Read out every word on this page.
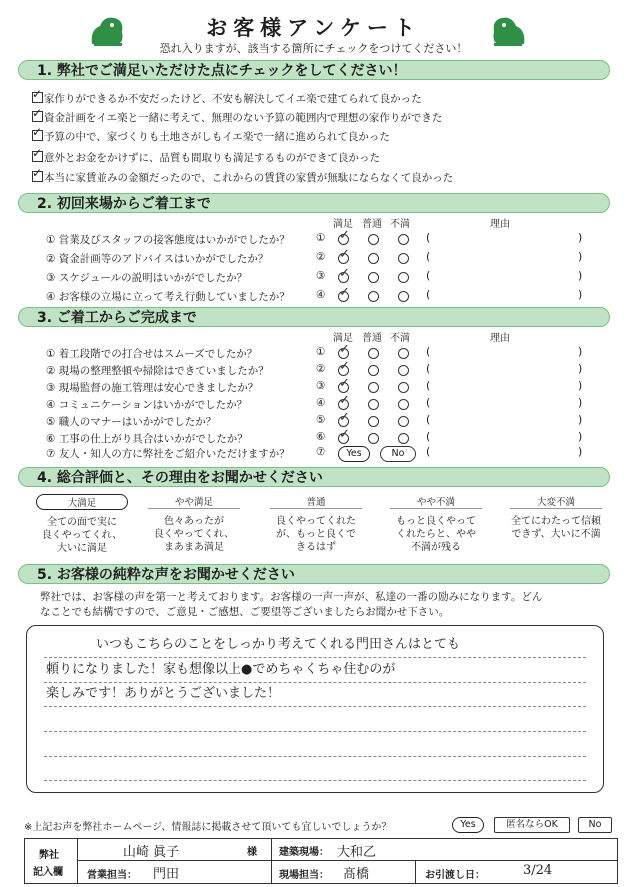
お客様アンケート
恐れ入りますが、該当する箇所にチェックをつけてください！
1. 弊社でご満足いただけた点にチェックをしてください！
✓
家作りができるか不安だったけど、不安も解決してイエ楽で建てられて良かった
✓
資金計画をイエ楽と一緒に考えて、無理のない予算の範囲内で理想の家作りができた
✓
予算の中で、家づくりも土地さがしもイエ楽で一緒に進められて良かった
✓
意外とお金をかけずに、品質も間取りも満足するものができて良かった
✓
本当に家賃並みの金額だったので、これからの賃貸の家賃が無駄にならなくて良かった
2. 初回来場からご着工まで
満足 普通 不満	理由
① 営業及びスタッフの接客態度はいかがでしたか？	① ✓	(	)
② 資金計画等のアドバイスはいかがでしたか？	② ✓	(	)
③ スケジュールの説明はいかがでしたか？	③ ✓	(	)
④ お客様の立場に立って考え行動していましたか？	④ ✓	(	)
3. ご着工からご完成まで
満足 普通 不満	理由
① 着工段階での打合せはスムーズでしたか？	① ✓	(	)
② 現場の整理整頓や掃除はできていましたか？	② ✓	(	)
③ 現場監督の施工管理は安心できましたか？	③ ✓	(	)
④ コミュニケーションはいかがでしたか？	④ ✓	(	)
⑤ 職人のマナーはいかがでしたか？	⑤ ✓	(	)
⑥ 工事の仕上がり具合はいかがでしたか？	⑥ ✓	(	)
⑦ 友人・知人の方に弊社をご紹介いただけますか？	⑦	Yes	No	(	)
4. 総合評価と、その理由をお聞かせください
大満足
全ての面で実に
良くやってくれ、
大いに満足
やや満足
色々あったが
良くやってくれ、
まあまあ満足
普通
良くやってくれた
が、もっと良くで
きるはず
やや不満
もっと良くやって
くれたらと、やや
不満が残る
大変不満
全てにわたって信頼
できず、大いに不満
5. お客様の純粋な声をお聞かせください
弊社では、お客様の声を第一と考えております。お客様の一声一声が、私達の一番の励みになります。どん
なことでも結構ですので、ご意見・ご感想、ご要望等ございましたらお聞かせ下さい。
いつもこちらのことをしっかり考えてくれる門田さんはとても
頼りになりました！家も想像以上●でめちゃくちゃ住むのが
楽しみです！ありがとうございました！
※上記お声を弊社ホームページ、情報誌に掲載させて頂いても宜しいでしょうか？	Yes	匿名ならOK	No
弊社
記入欄
山崎 眞子	様 建築現場： 大和乙
営業担当： 門田	現場担当： 髙橋	お引渡し日：	3/24
